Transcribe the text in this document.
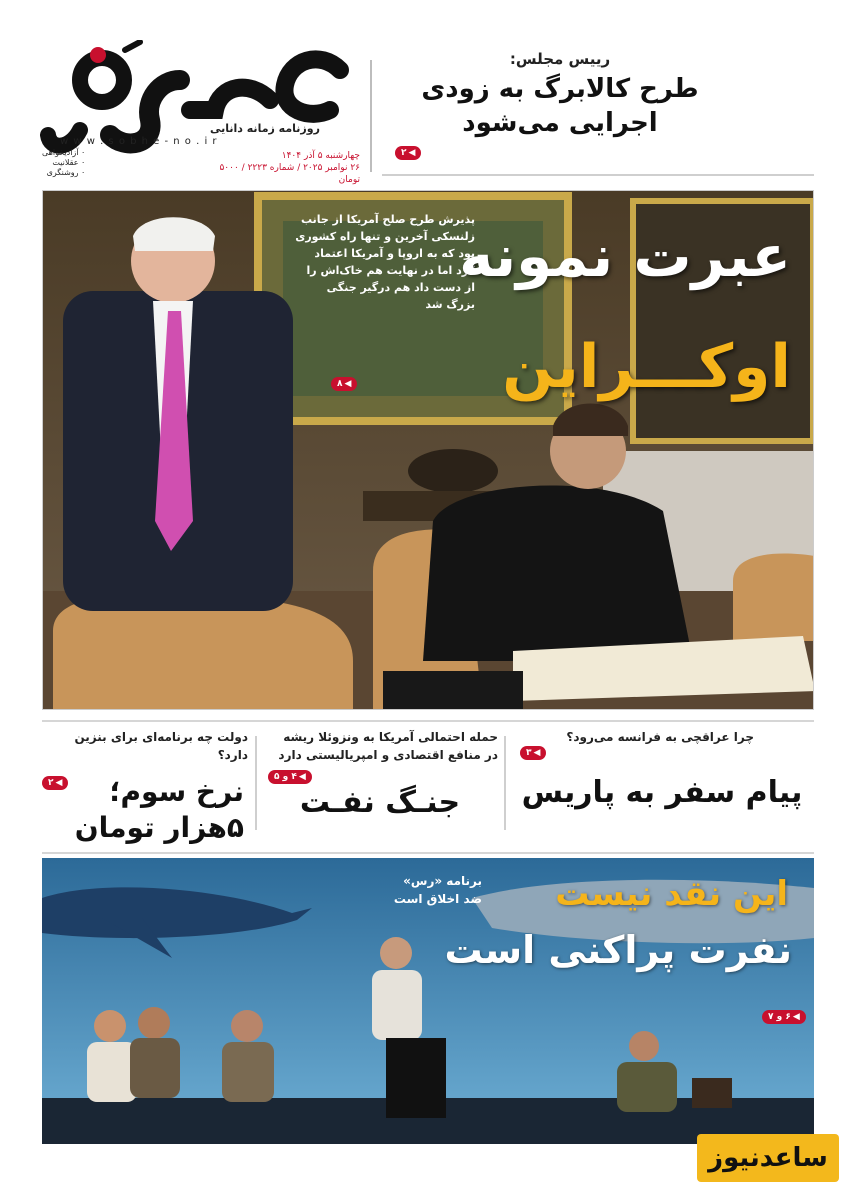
روزنامه زمانه دانایی
w w w . s o b h e - n o . i r
چهارشنبه ۵ آذر ۱۴۰۴
۲۶ نوامبر ۲۰۲۵ / شماره ۲۲۲۳ / ۵۰۰۰ تومان
۰ آزادیخواهی
۰ عقلانیت
۰ روشنگری
رییس مجلس:
طرح کالابرگ به زودی
اجرایی می‌شود
◀
۲
پذیرش طرح صلح آمریکا از جانب زلنسکی آخرین و تنها راه کشوری بود که به اروپا و آمریکا اعتماد کرد اما در نهایت هم خاک‌اش را از دست داد هم درگیر جنگی بزرگ شد
◀
۸
عبرت نمونه
اوکـــراین
چرا عراقچی به فرانسه می‌رود؟
پیام سفر به پاریس
◀
۳
حمله احتمالی آمریکا به ونزوئلا ریشه در منافع اقتصادی و امپریالیستی دارد
جنـگ نفـت
◀
۴ و ۵
دولت چه برنامه‌ای برای بنزین دارد؟
نرخ سوم؛
۵هزار تومان
◀
۲
برنامه «رس»
ضد اخلاق است این نقد نیست
نفرت پراکنی است
◀
۶ و ۷
ساعدنیوز
